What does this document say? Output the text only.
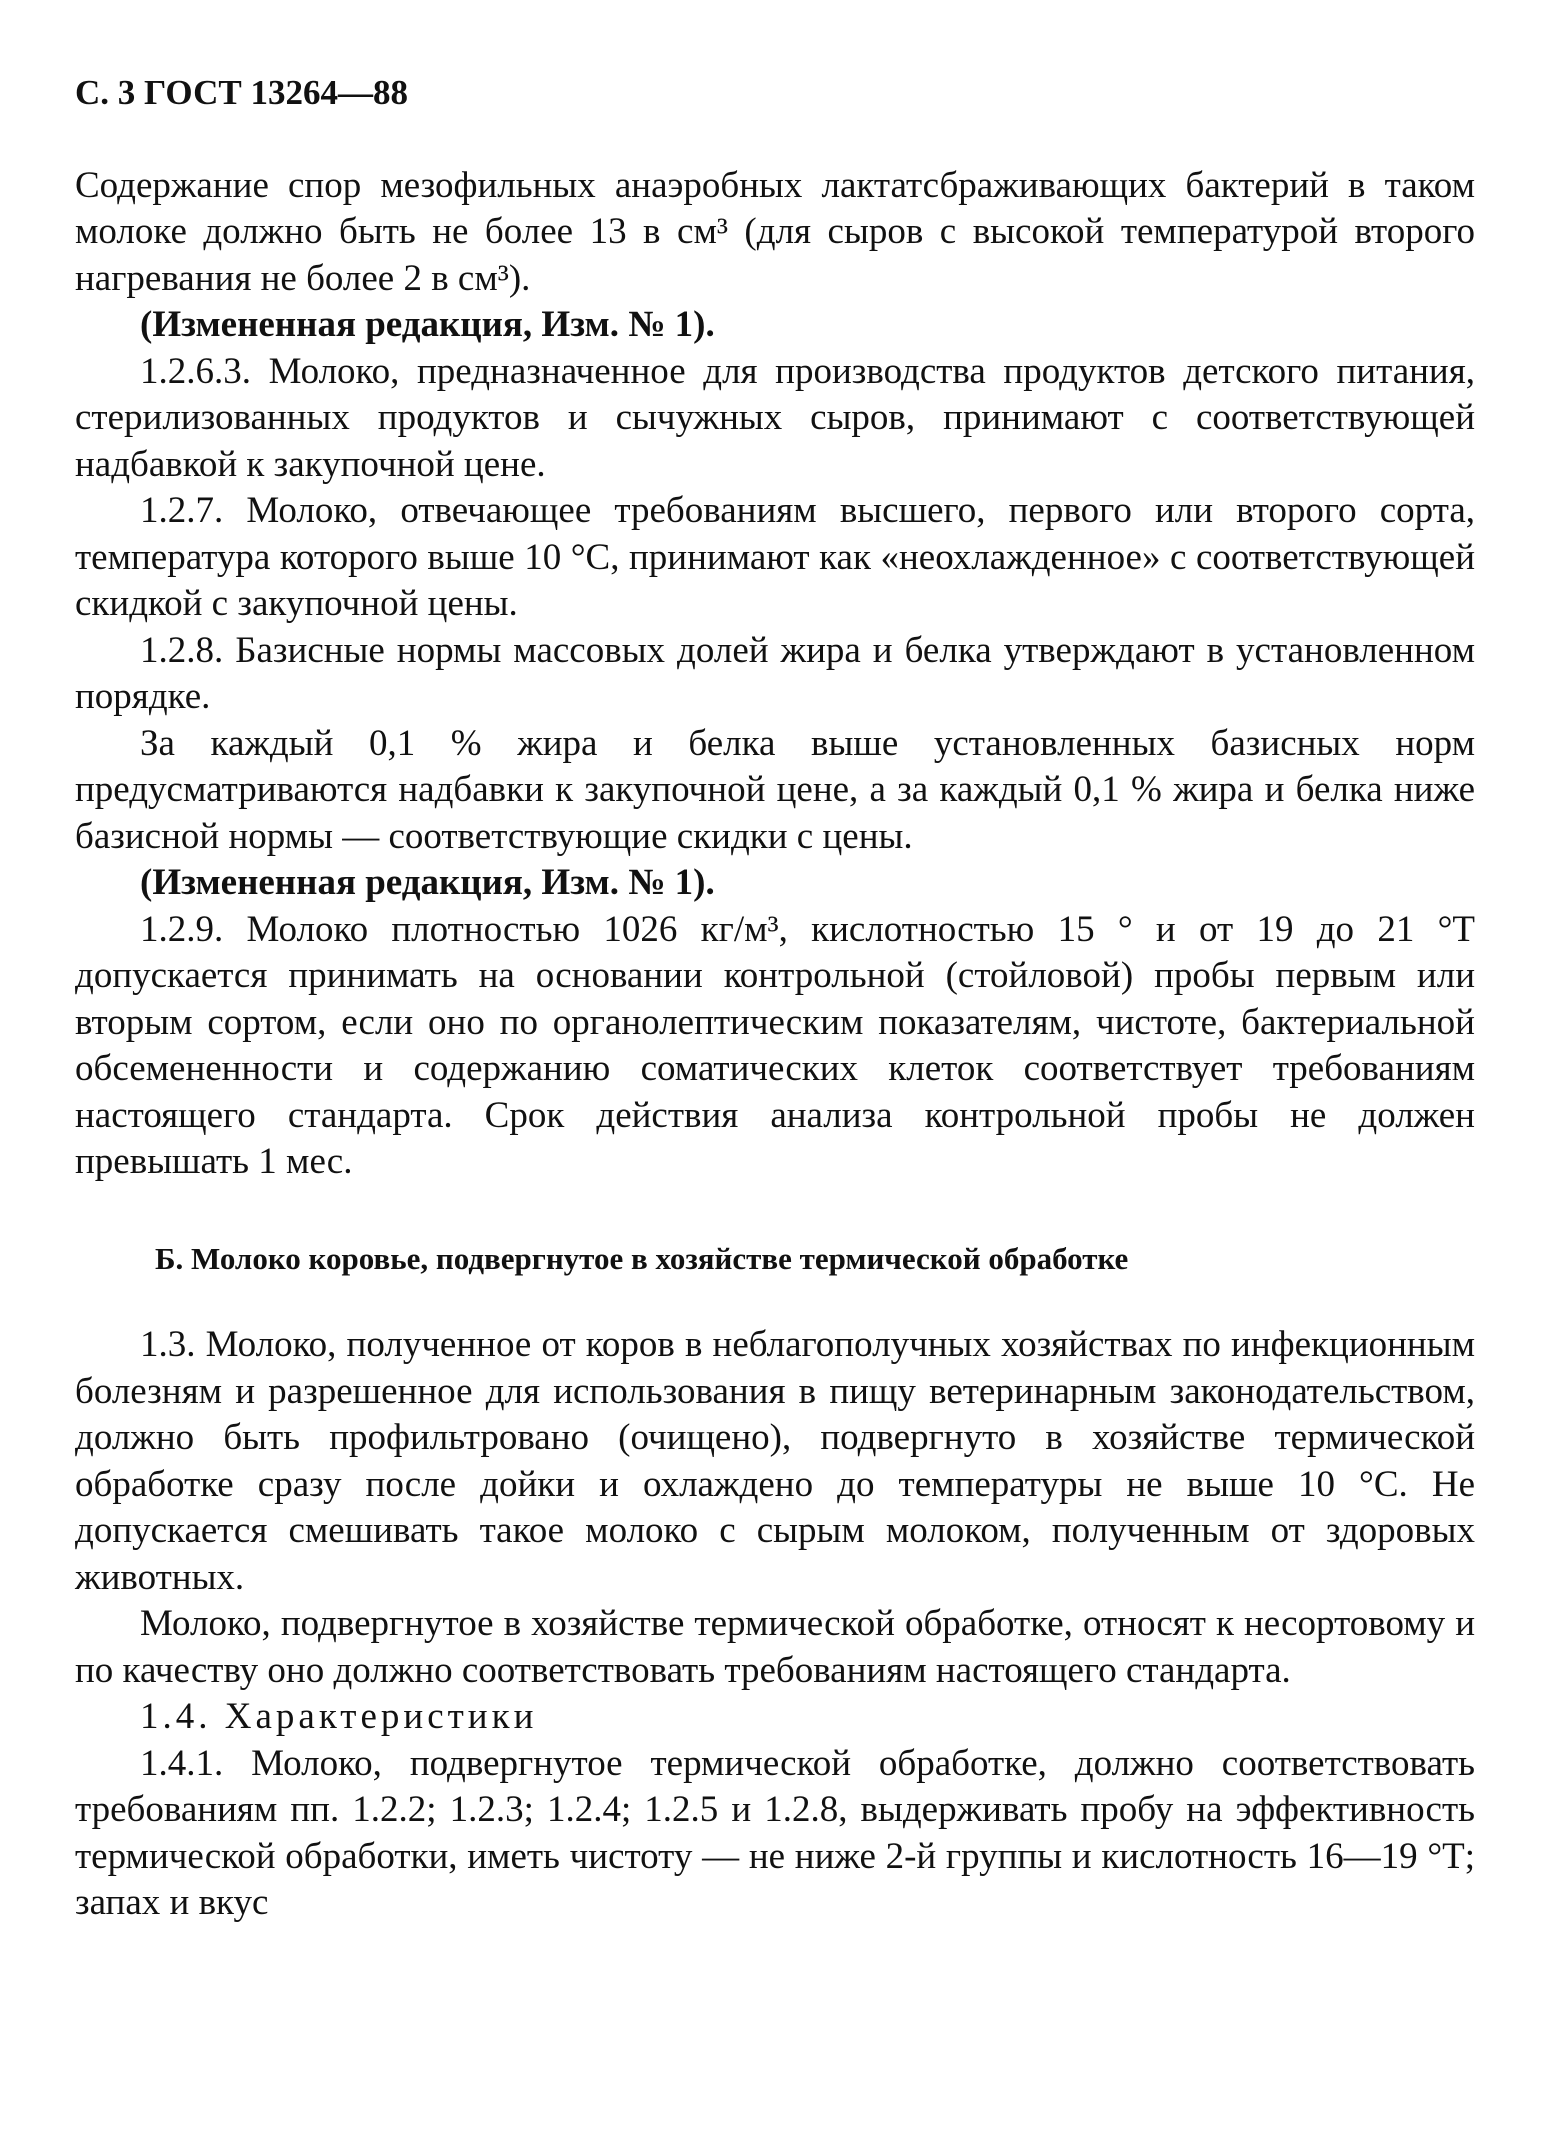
С. 3 ГОСТ 13264—88

Содержание спор мезофильных анаэробных лактатсбраживающих бактерий в таком молоке должно быть не более 13 в см³ (для сыров с высокой температурой второго нагревания не более 2 в см³).

(Измененная редакция, Изм. № 1).

1.2.6.3. Молоко, предназначенное для производства продуктов детского питания, стерилизованных продуктов и сычужных сыров, принимают с соответствующей надбавкой к закупочной цене.

1.2.7. Молоко, отвечающее требованиям высшего, первого или второго сорта, температура которого выше 10 °С, принимают как «неохлажденное» с соответствующей скидкой с закупочной цены.

1.2.8. Базисные нормы массовых долей жира и белка утверждают в установленном порядке.

За каждый 0,1 % жира и белка выше установленных базисных норм предусматриваются надбавки к закупочной цене, а за каждый 0,1 % жира и белка ниже базисной нормы — соответствующие скидки с цены.

(Измененная редакция, Изм. № 1).

1.2.9. Молоко плотностью 1026 кг/м³, кислотностью 15 ° и от 19 до 21 °Т допускается принимать на основании контрольной (стойловой) пробы первым или вторым сортом, если оно по органолептическим показателям, чистоте, бактериальной обсемененности и содержанию соматических клеток соответствует требованиям настоящего стандарта. Срок действия анализа контрольной пробы не должен превышать 1 мес.

Б. Молоко коровье, подвергнутое в хозяйстве термической обработке

1.3. Молоко, полученное от коров в неблагополучных хозяйствах по инфекционным болезням и разрешенное для использования в пищу ветеринарным законодательством, должно быть профильтровано (очищено), подвергнуто в хозяйстве термической обработке сразу после дойки и охлаждено до температуры не выше 10 °С. Не допускается смешивать такое молоко с сырым молоком, полученным от здоровых животных.

Молоко, подвергнутое в хозяйстве термической обработке, относят к несортовому и по качеству оно должно соответствовать требованиям настоящего стандарта.

1.4. Характеристики

1.4.1. Молоко, подвергнутое термической обработке, должно соответствовать требованиям пп. 1.2.2; 1.2.3; 1.2.4; 1.2.5 и 1.2.8, выдерживать пробу на эффективность термической обработки, иметь чистоту — не ниже 2-й группы и кислотность 16—19 °Т; запах и вкус
